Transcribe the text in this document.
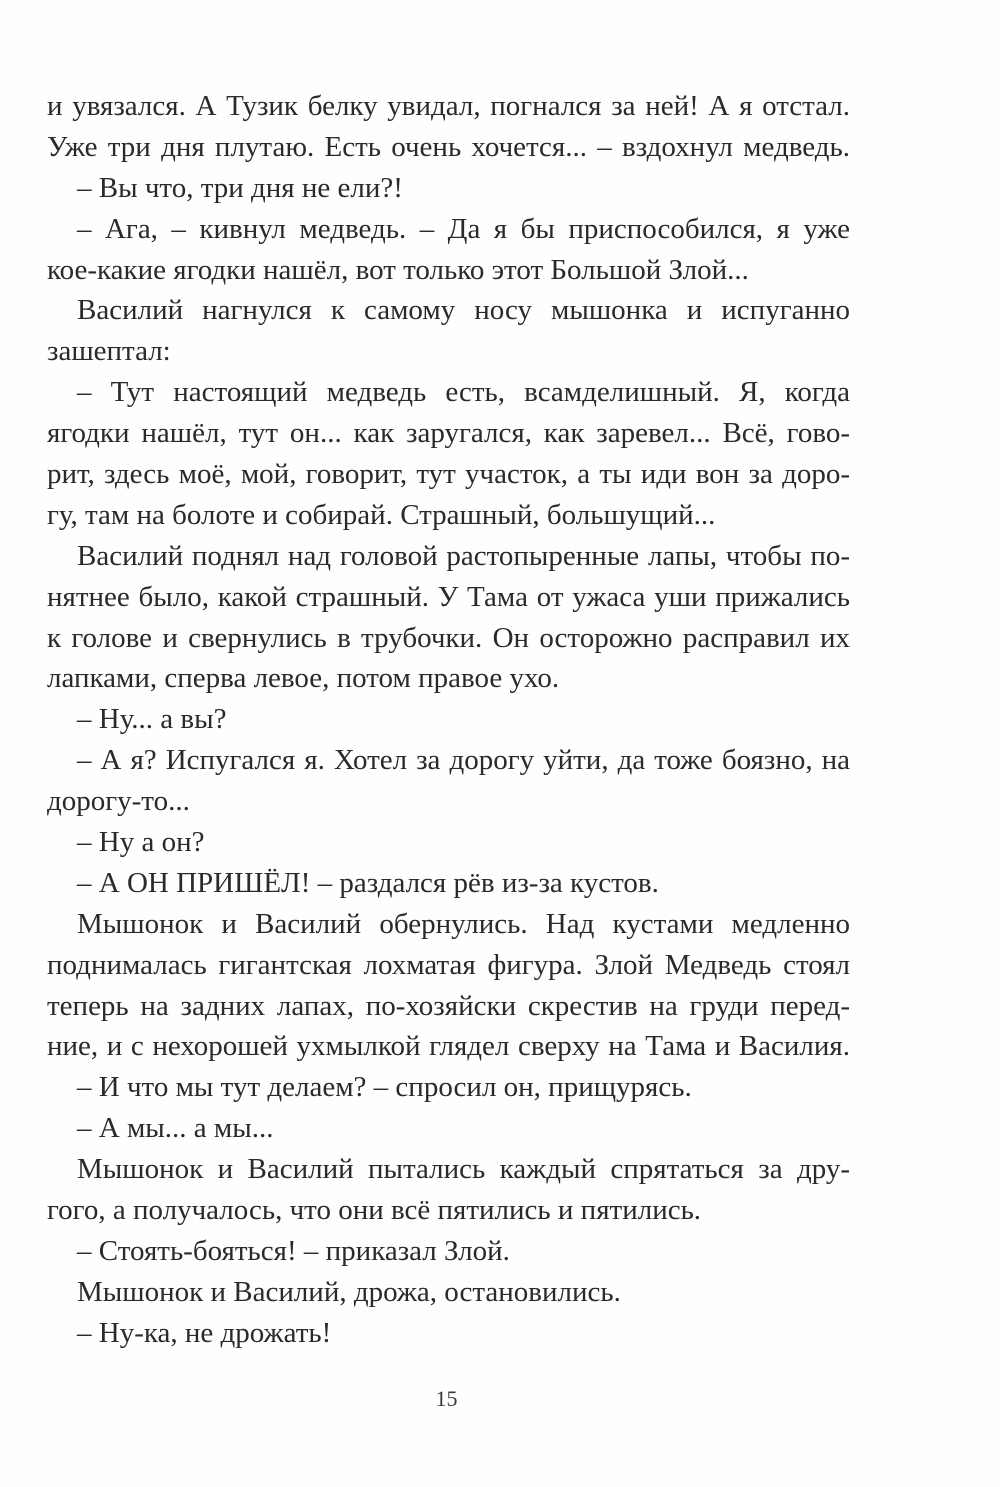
и увязался. А Тузик белку увидал, погнался за ней! А я отстал.
Уже три дня плутаю. Есть очень хочется... – вздохнул медведь.
– Вы что, три дня не ели?!
– Ага, – кивнул медведь. – Да я бы приспособился, я уже
кое-какие ягодки нашёл, вот только этот Большой Злой...
Василий нагнулся к самому носу мышонка и испуганно
зашептал:
– Тут настоящий медведь есть, всамделишный. Я, когда
ягодки нашёл, тут он... как заругался, как заревел... Всё, гово-
рит, здесь моё, мой, говорит, тут участок, а ты иди вон за доро-
гу, там на болоте и собирай. Страшный, большущий...
Василий поднял над головой растопыренные лапы, чтобы по-
нятнее было, какой страшный. У Тама от ужаса уши прижались
к голове и свернулись в трубочки. Он осторожно расправил их
лапками, сперва левое, потом правое ухо.
– Ну... а вы?
– А я? Испугался я. Хотел за дорогу уйти, да тоже боязно, на
дорогу-то...
– Ну а он?
– А ОН ПРИШЁЛ! – раздался рёв из-за кустов.
Мышонок и Василий обернулись. Над кустами медленно
поднималась гигантская лохматая фигура. Злой Медведь стоял
теперь на задних лапах, по-хозяйски скрестив на груди перед-
ние, и с нехорошей ухмылкой глядел сверху на Тама и Василия.
– И что мы тут делаем? – спросил он, прищурясь.
– А мы... а мы...
Мышонок и Василий пытались каждый спрятаться за дру-
гого, а получалось, что они всё пятились и пятились.
– Стоять-бояться! – приказал Злой.
Мышонок и Василий, дрожа, остановились.
– Ну-ка, не дрожать!
15
